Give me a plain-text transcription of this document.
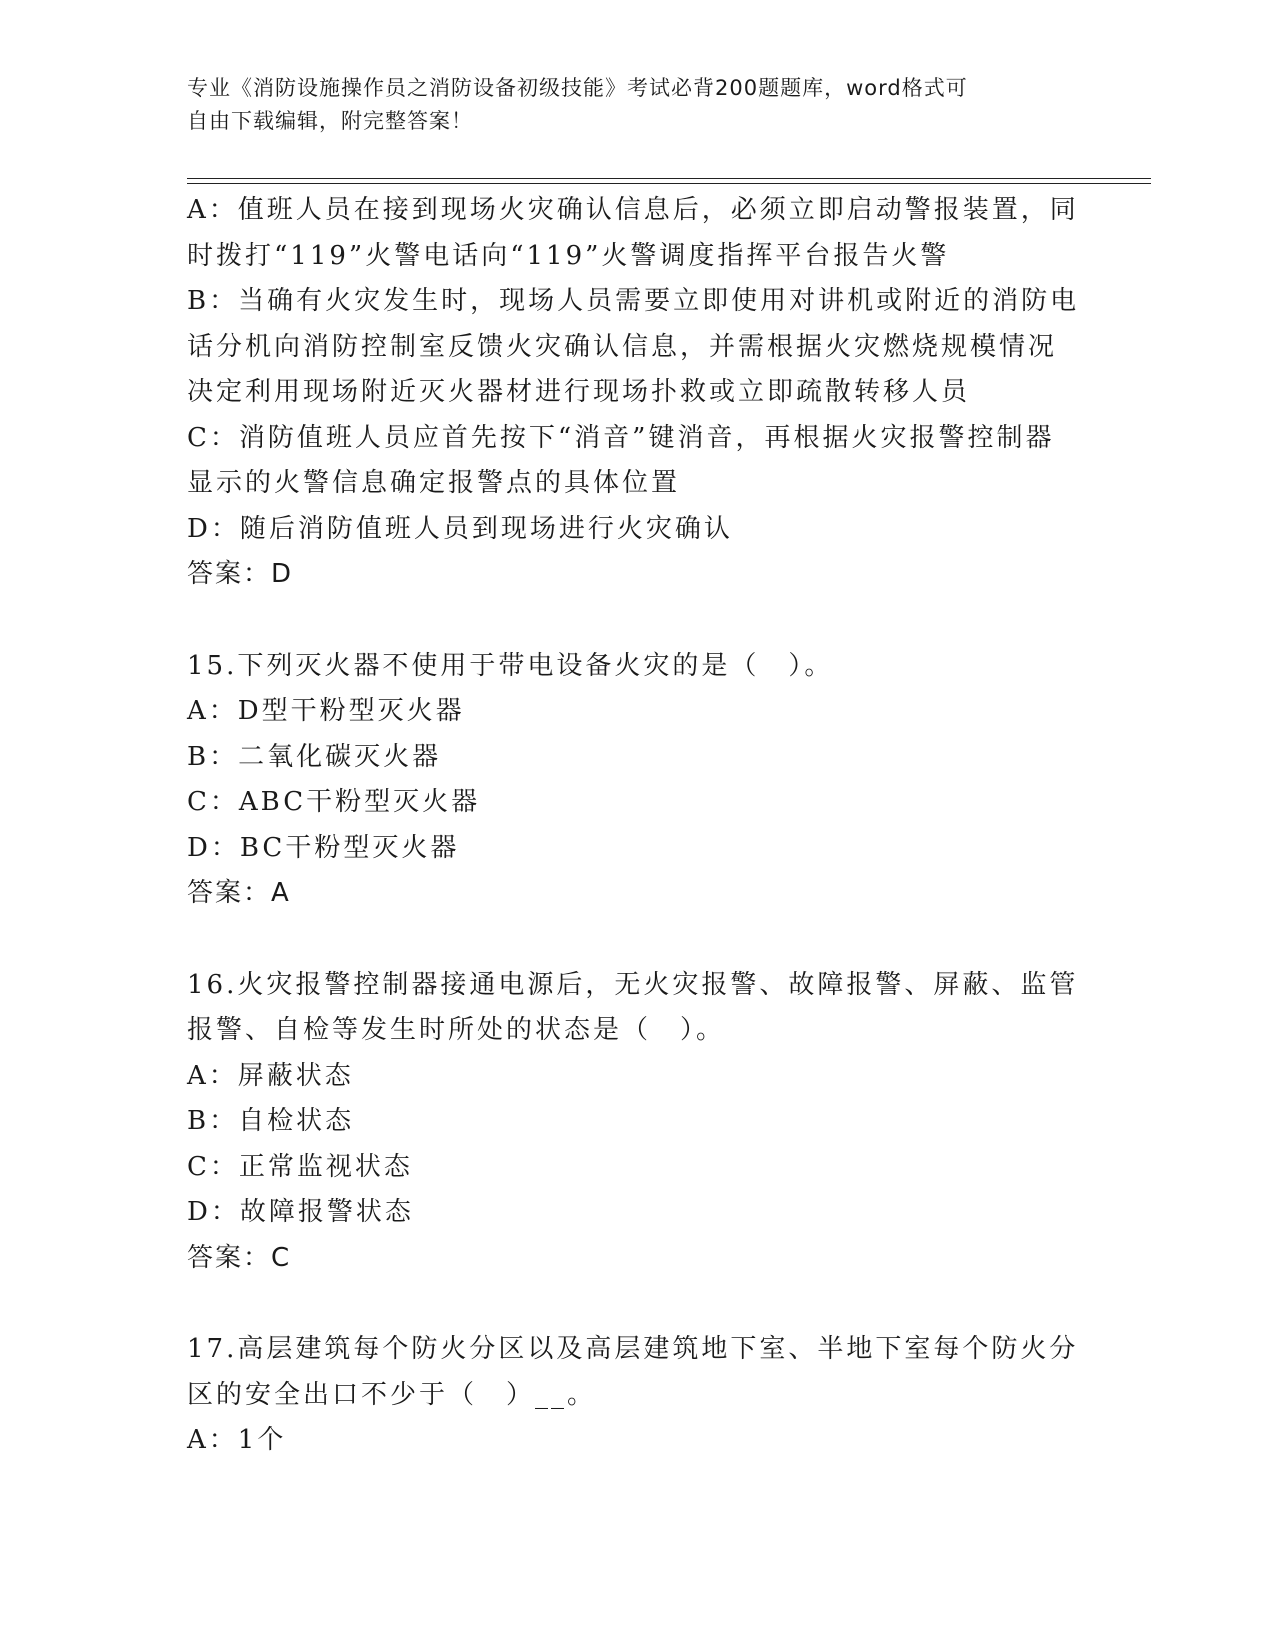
专业《消防设施操作员之消防设备初级技能》考试必背200题题库，word格式可
自由下载编辑，附完整答案！
A：值班人员在接到现场火灾确认信息后，必须立即启动警报装置，同
时拨打“119”火警电话向“119”火警调度指挥平台报告火警
B：当确有火灾发生时，现场人员需要立即使用对讲机或附近的消防电
话分机向消防控制室反馈火灾确认信息，并需根据火灾燃烧规模情况
决定利用现场附近灭火器材进行现场扑救或立即疏散转移人员
C：消防值班人员应首先按下“消音”键消音，再根据火灾报警控制器
显示的火警信息确定报警点的具体位置
D：随后消防值班人员到现场进行火灾确认
答案：D
15.下列灭火器不使用于带电设备火灾的是（　）。
A：D型干粉型灭火器
B：二氧化碳灭火器
C：ABC干粉型灭火器
D：BC干粉型灭火器
答案：A
16.火灾报警控制器接通电源后，无火灾报警、故障报警、屏蔽、监管
报警、自检等发生时所处的状态是（　）。
A：屏蔽状态
B：自检状态
C：正常监视状态
D：故障报警状态
答案：C
17.高层建筑每个防火分区以及高层建筑地下室、半地下室每个防火分
区的安全出口不少于（　）__。
A：1个
